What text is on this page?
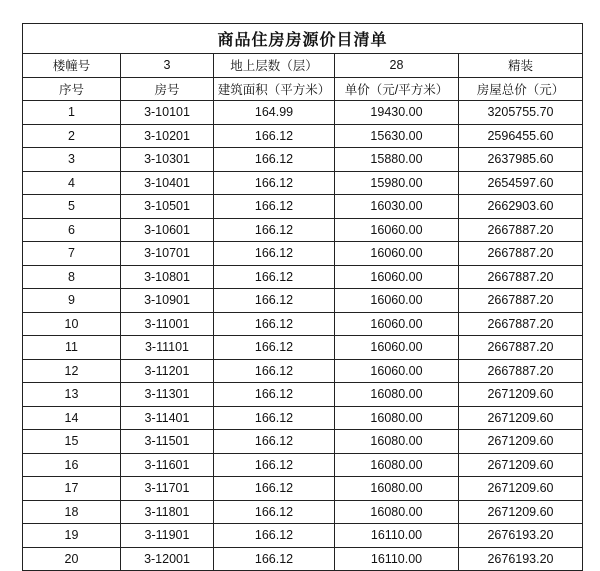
商品住房房源价目清单				
楼幢号	3	地上层数（层）	28	精装
序号	房号	建筑面积（平方米）	单价（元/平方米）	房屋总价（元）
1	3-10101	164.99	19430.00	3205755.70
2	3-10201	166.12	15630.00	2596455.60
3	3-10301	166.12	15880.00	2637985.60
4	3-10401	166.12	15980.00	2654597.60
5	3-10501	166.12	16030.00	2662903.60
6	3-10601	166.12	16060.00	2667887.20
7	3-10701	166.12	16060.00	2667887.20
8	3-10801	166.12	16060.00	2667887.20
9	3-10901	166.12	16060.00	2667887.20
10	3-11001	166.12	16060.00	2667887.20
11	3-11101	166.12	16060.00	2667887.20
12	3-11201	166.12	16060.00	2667887.20
13	3-11301	166.12	16080.00	2671209.60
14	3-11401	166.12	16080.00	2671209.60
15	3-11501	166.12	16080.00	2671209.60
16	3-11601	166.12	16080.00	2671209.60
17	3-11701	166.12	16080.00	2671209.60
18	3-11801	166.12	16080.00	2671209.60
19	3-11901	166.12	16110.00	2676193.20
20	3-12001	166.12	16110.00	2676193.20
